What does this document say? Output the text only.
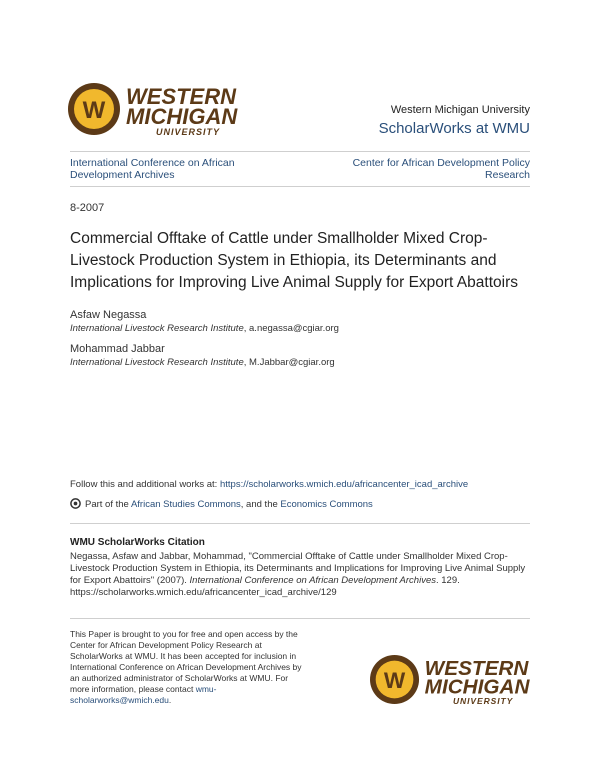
W
WESTERN
MICHIGAN
UNIVERSITY
Western Michigan University
ScholarWorks at WMU
International Conference on African Development Archives
Center for African Development Policy Research
8-2007
Commercial Offtake of Cattle under Smallholder Mixed Crop-Livestock Production System in Ethiopia, its Determinants and Implications for Improving Live Animal Supply for Export Abattoirs
Asfaw Negassa
International Livestock Research Institute, a.negassa@cgiar.org
Mohammad Jabbar
International Livestock Research Institute, M.Jabbar@cgiar.org
Follow this and additional works at: https://scholarworks.wmich.edu/africancenter_icad_archive
Part of the African Studies Commons, and the Economics Commons
WMU ScholarWorks Citation
Negassa, Asfaw and Jabbar, Mohammad, "Commercial Offtake of Cattle under Smallholder Mixed Crop-Livestock Production System in Ethiopia, its Determinants and Implications for Improving Live Animal Supply for Export Abattoirs" (2007). International Conference on African Development Archives. 129.
https://scholarworks.wmich.edu/africancenter_icad_archive/129
This Paper is brought to you for free and open access by the Center for African Development Policy Research at ScholarWorks at WMU. It has been accepted for inclusion in International Conference on African Development Archives by an authorized administrator of ScholarWorks at WMU. For more information, please contact wmu-scholarworks@wmich.edu.
W WESTERN
MICHIGAN
UNIVERSITY
